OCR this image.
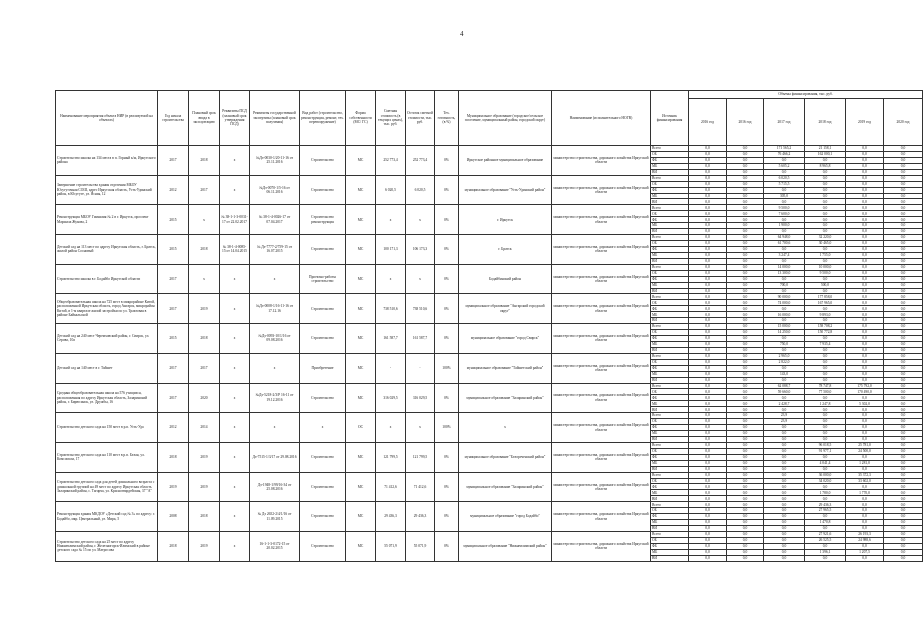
4
Наименование мероприятия объекта НИР (в реализуемой на объектах)	Год начала строительства	Плановый срок ввода в эксплуатацию	Реквизиты ПСД (плановый срок утверждения ПСД)	Реквизиты государственной экспертизы (плановый срок получения)	Вид работ (строительство, реконструкция, ремонт, тех. перевооружение)	Форма собственности (МС/ ГС)	Сметная стоимость (в текущих ценах), тыс. руб.	Остаток сметной стоимости, тыс. руб.	Тех. готовность, (в %)	Муниципальное образование (городское/сельское поселение, муниципальный район, городской округ)	Наименование (исполнительного НОГВ)	Источник финансирования	Объемы финансирования, тыс. руб.					
													2016 год	2016 год	2017 год	2018 год	2019 год	2020 год
Строительство школы на 134 места в п. Горный к/ж, Иркутского района	2017	2018	х	№Дэ-0030-1/20-11-16 от 25.11.2016	Строительство	МС	252 773,4	252 773,4	0%	Иркутское районное муниципальное образование	министерство строительства, дорожного хозяйства Иркутской области	Всего	0,0	0,0	171 565,2	21 158,1	0,0	0,0
												ОБ	0,0	0,0	76 466,2	162 000,1	0,0	0,0
												ФБ	0,0	0,0	0,0	0,0	0,0	0,0
												МБ	0,0	0,0	5 605,2	8 965,8	0,0	0,0
												ВИ	0,0	0,0	0,0	0,0	0,0	0,0
Завершение строительства здания отделения МБОУ Юсугуточная СОШ, адрес Иркутская область, Усть-Удинский район, в Юсугуте, ул. Ясная, 12	2012	2017	х	№Дэ-0070-1/5-16 от 06.11.2016	Строительство	МС	6 020,5	6 020,5	0%	муниципальное образование "Усть-Удинский район"	министерство строительства, дорожного хозяйства Иркутской области	Всего	0,0	0,0	6 020,5	0,0	0,0	0,0
												ОБ	0,0	0,0	5 715,5	0,0	0,0	0,0
												ФБ	0,0	0,0	0,0	0,0	0,0	0,0
												МБ	0,0	0,0	305,0	0,0	0,0	0,0
												ВИ	0,0	0,0	0,0	0,0	0,0	0,0
Реконструкция МБОУ Гимназия № 2 в г. Иркутск, проспект Маршала Жукова, 2	2015	х	№ 38-1-1-3-0031-17 от 22.02.2017	№ 38-1-4-0026-17 от 07.04.2017	Строительство реконструкция	МС	х	х	0%	г. Иркутск	министерство строительства, дорожного хозяйства Иркутской области	Всего	0,0	0,0	9 500,0	0,0	0,0	0,0
												ОБ	0,0	0,0	7 600,0	0,0	0,0	0,0
												ФБ	0,0	0,0	0,0	0,0	0,0	0,0
												МБ	0,0	0,0	1 900,0	0,0	0,0	0,0
												ВИ	0,0	0,0	0,0	0,0	0,0	0,0
Детский сад на 113 мест по адресу Иркутская область, г. Братск, жилой район Сосновый	2015	2018	№ 38-1-4-0085-15 от 14.04.2015	№ Дэ-7777-2/759-15 от 16.07.2015	Строительство	МС	100 171,3	106 173,3	0%	г. Братск	министерство строительства, дорожного хозяйства Иркутской области	Всего	0,0	0,0	64 948,0	32 220,0	0,0	0,0
												ОБ	0,0	0,0	61 700,6	30 465,0	0,0	0,0
												ФБ	0,0	0,0	0,0	0,0	0,0	0,0
												МБ	0,0	0,0	3 247,4	1 755,0	0,0	0,0
												ВИ	0,0	0,0	0,0	0,0	0,0	0,0
Строительство школы в г. Бодайбо Иркутской области	2017	х	х	х	Проектно-работы строительство	МС	х	х	0%	Бодайбинский район	министерство строительства, дорожного хозяйства Иркутской области	Всего	0,0	0,0	14 000,0	10 000,0	0,0	0,0
												ОБ	0,0	0,0	13 300,0	9 500,0	0,0	0,0
												ФБ	0,0	0,0	0,0	0,0	0,0	0,0
												МБ	0,0	0,0	700,0	500,0	0,0	0,0
												ВИ	0,0	0,0	0,0	0,0	0,0	0,0
Общеобразовательная школа на 725 мест в микрорайоне Китой, расположенной Иркутская область, город Ангарск, микрорайон Китой, в 1-м квартале жилой застройки по ул. Трактовая в районе Байкальской	2017	2019	х	№Дэ-0008-1/16-11-16 от 17.12.16	Строительство	МС	738 510,6	738 510,6	0%	муниципальное образование "Ангарский городской округ"	министерство строительства, дорожного хозяйства Иркутской области	Всего	0,0	0,0	90 000,0	177 858,0	0,0	0,0
												ОБ	0,0	0,0	74 000,0	167 965,0	0,0	0,0
												ФБ	0,0	0,0	0,0	0,0	0,0	0,0
												МБ	0,0	0,0	16 000,0	9 893,0	0,0	0,0
												ВИ	0,0	0,0	0,0	0,0	0,0	0,0
Детский сад на 240 мест Черемховский район, г. Свирск, ул. Серова, 10а	2015	2018	х	№Дэ-0093-10/1/16 от 09.08.2016	Строительство	МС	161 587,7	161 587,7	0%	муниципальное образование "город Свирск"	министерство строительства, дорожного хозяйства Иркутской области	Всего	0,0	0,0	15 000,0	158 708,2	0,0	0,0
												ОБ	0,0	0,0	14 250,0	150 772,8	0,0	0,0
												ФБ	0,0	0,0	0,0	0,0	0,0	0,0
												МБ	0,0	0,0	750,0	7 935,4	0,0	0,0
												ВИ	0,0	0,0	0,0	0,0	0,0	0,0
Детский сад на 140 мест в г. Тайшет	2017	2017	х	х	Приобретение	МС	-	-	100%	муниципальное образование "Тайшетский район"	министерство строительства, дорожного хозяйства Иркутской области	Всего	0,0	0,0	2 965,0	0,0	0,0	0,0
												ОБ	0,0	0,0	2 822,0	0,0	0,0	0,0
												ФБ	0,0	0,0	0,0	0,0	0,0	0,0
												МБ	0,0	0,0	143,0	0,0	0,0	0,0
												ВИ	0,0	0,0	0,0	0,0	0,0	0,0
Средняя общеобразовательная школа на 576 учащихся, расположенная по адресу Иркутская область, Заларинский район, г. Бирюсинск, ул. Дружбы, 16	2017	2020	х	№Дэ-5218-2/3/Р 16-11 от 19.12.2016	Строительство	МС	316 029,5	316 029,5	0%	муниципальное образование "Заларинский район"	министерство строительства, дорожного хозяйства Иркутской области	Всего	0,0	0,0	62 088,7	78 747,8	175 792,0	0,0
												ОБ	0,0	0,0	59 660,0	77 500,0	170 490,0	0,0
												ФБ	0,0	0,0	0,0	0,0	0,0	0,0
												МБ	0,0	0,0	2 428,7	1 247,8	5 302,0	0,0
												ВИ	0,0	0,0	0,0	0,0	0,0	0,0
Строительство детского сада на 150 мест в р.п. Усть-Уда	2012	2014	х	х	х	ОС	х	х	100%	х	министерство строительства, дорожного хозяйства Иркутской области	Всего	0,0	0,0	23,9	0,0	0,0	0,0
												ОБ	0,0	0,0	23,9	0,0	0,0	0,0
												ФБ	0,0	0,0	0,0	0,0	0,0	0,0
												МБ	0,0	0,0	0,0	0,0	0,0	0,0
												ВИ	0,0	0,0	0,0	0,0	0,0	0,0
Строительство детского сада на 110 мест в р.п. Белая, ул. Комсомола, 17	2018	2019	х	Дэ-7515-1/3/17 от 29.08.2016	Строительство	МС	121 799,5	121 799,5	0%	муниципальное образование "Белореченский район"	министерство строительства, дорожного хозяйства Иркутской области	Всего	0,0	0,0	0,0	96 018,5	25 781,0	0,0
												ОБ	0,0	0,0	0,0	91 977,1	24 500,0	0,0
												ФБ	0,0	0,0	0,0	0,0	0,0	0,0
												МБ	0,0	0,0	0,0	4 041,4	1 281,0	0,0
												ВИ	0,0	0,0	0,0	0,0	0,0	0,0
Строительство детского сада для детей дошкольного возраста с дошкольной группой на 49 мест по адресу Иркутская область Заларинский район, с. Тагарча, ул. Красногвардейская, 37 "А"	2019	2019	х	Дэ-1948-1/99/16-34 от 25.08.2016	Строительство	МС	71 412,6	71 412,6	0%	муниципальное образование "Заларинский район"	министерство строительства, дорожного хозяйства Иркутской области	Всего	0,0	0,0	0,0	36 000,0	35 372,3	0,0
												ОБ	0,0	0,0	0,0	34 020,0	33 602,0	0,0
												ФБ	0,0	0,0	0,0	0,0	0,0	0,0
												МБ	0,0	0,0	0,0	1 780,0	1 770,0	0,0
												ВИ	0,0	0,0	0,0	0,0	0,0	0,0
Реконструкция здания МКДОУ «Детский сад № 3» по адресу: г. Бодайбо, мкр. Центральный, ул. Мира, 5	2008	2018	х	№ Дэ 2652-2/4/1/16 от 11.09.2015	Строительство	МС	29 436,3	29 436,3	0%	муниципальное образование "город Бодайбо"	министерство строительства, дорожного хозяйства Иркутской области	Всего	0,0	0,0	0,0	29 436,3	0,0	0,0
												ОБ	0,0	0,0	0,0	27 965,5	0,0	0,0
												ФБ	0,0	0,0	0,0	0,0	0,0	0,0
												МБ	0,0	0,0	0,0	1 470,8	0,0	0,0
												ВИ	0,0	0,0	0,0	0,0	0,0	0,0
Строительство детского сада на 25 мест по адресу Нижнеилимский район, г. Железногорск-Илимский в районе детского сада № 15 по ул. Матросова	2018	2019	х	16-1-1-3-0172-15 от 20.02.2015	Строительство	МС	55 071,9	55 071,9	0%	муниципальное образование "Нижнеилимский район"	министерство строительства, дорожного хозяйства Иркутской области	Всего	0,0	0,0	0,0	27 921,6	26 193,3	0,0
												ОБ	0,0	0,0	0,0	26 525,5	24 988,6	0,0
												ФБ	0,0	0,0	0,0	0,0	0,0	0,0
												МБ	0,0	0,0	0,0	1 396,1	1 207,5	0,0
												ВИ	0,0	0,0	0,0	0,0	0,0	0,0
